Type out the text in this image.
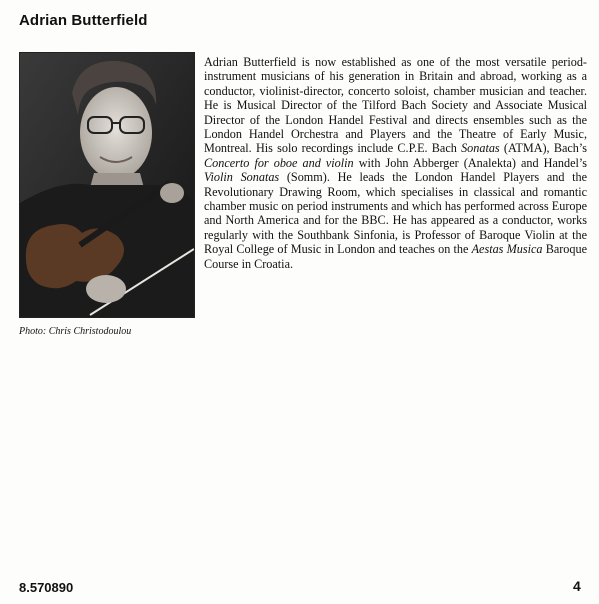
Adrian Butterfield
Photo: Chris Christodoulou

Adrian Butterfield is now established as one of the most versatile period-instrument musicians of his generation in Britain and abroad, working as a conductor, violinist-director, concerto soloist, chamber musician and teacher. He is Musical Director of the Tilford Bach Society and Associate Musical Director of the London Handel Festival and directs ensembles such as the London Handel Orchestra and Players and the Theatre of Early Music, Montreal. His solo recordings include C.P.E. Bach Sonatas (ATMA), Bach’s Concerto for oboe and violin with John Abberger (Analekta) and Handel’s Violin Sonatas (Somm). He leads the London Handel Players and the Revolutionary Drawing Room, which specialises in classical and romantic chamber music on period instruments and which has performed across Europe and North America and for the BBC. He has appeared as a conductor, works regularly with the Southbank Sinfonia, is Professor of Baroque Violin at the Royal College of Music in London and teaches on the Aestas Musica Baroque Course in Croatia.

8.570890	4
